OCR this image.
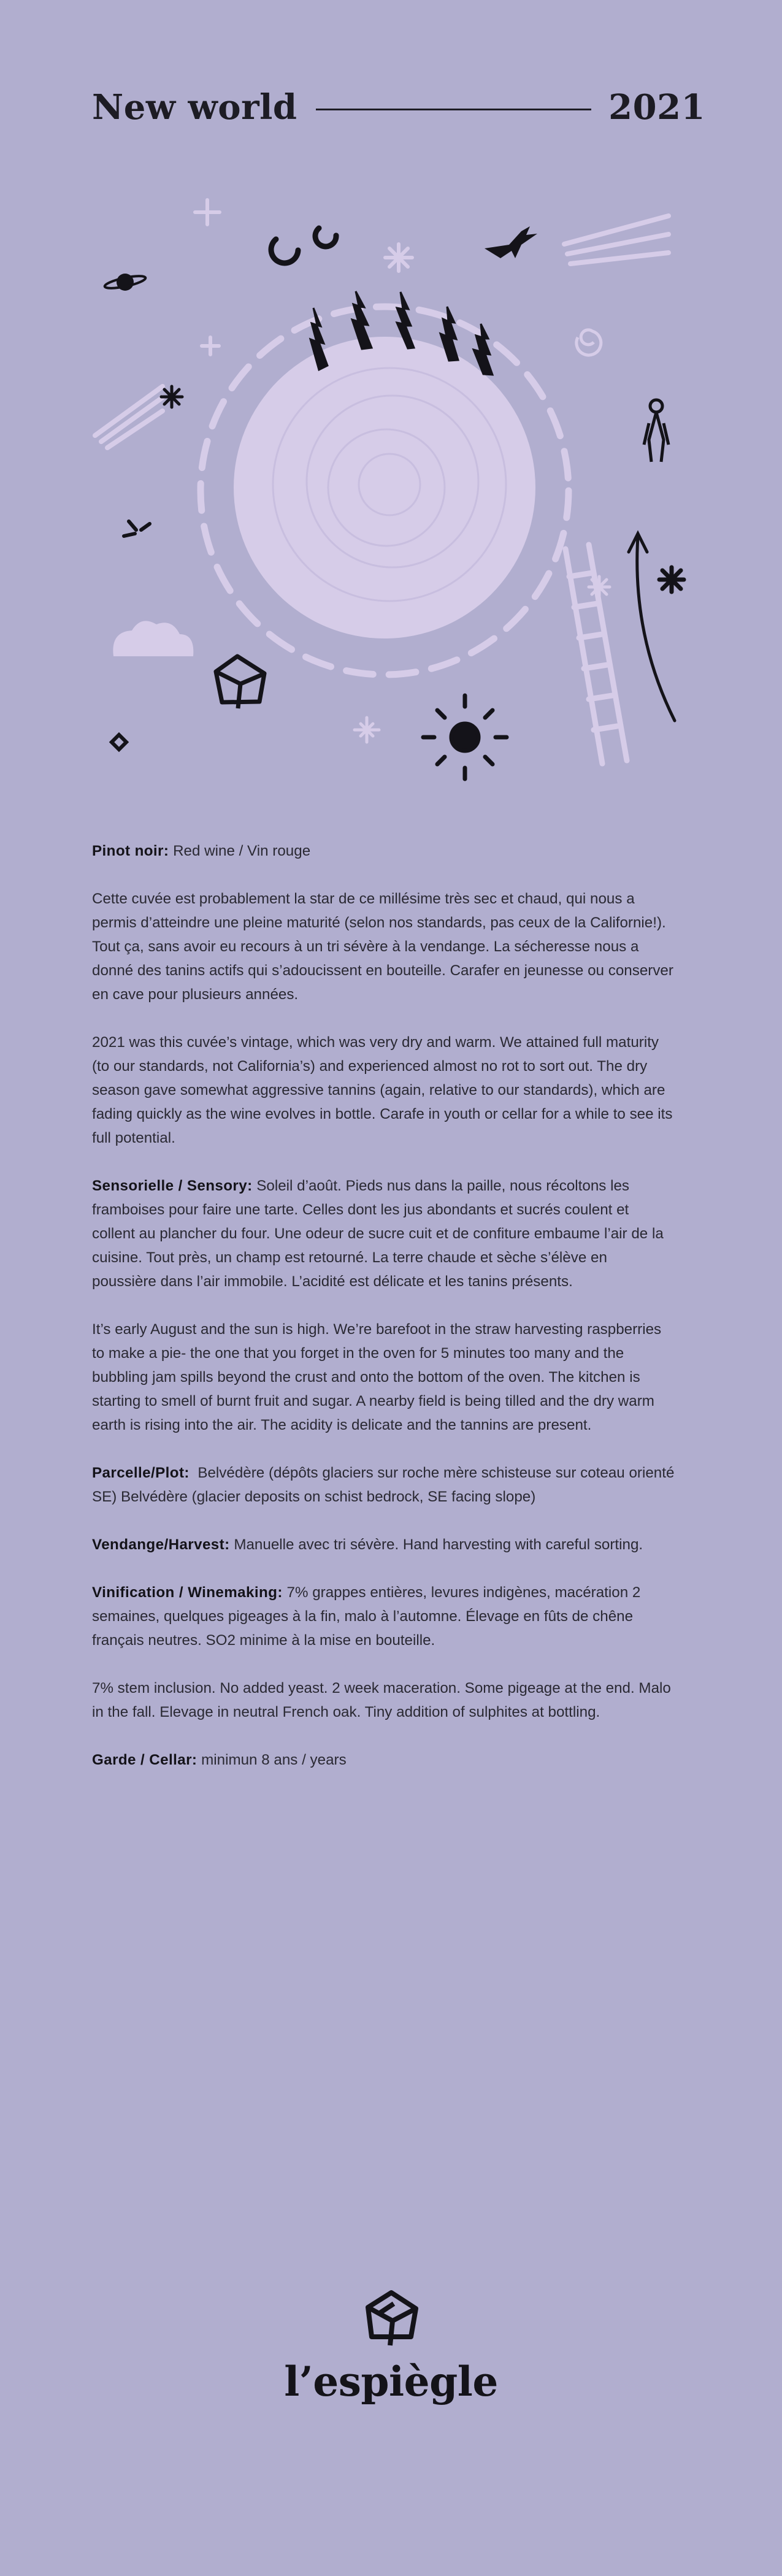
New world	2021

Pinot noir: Red wine / Vin rouge

Cette cuvée est probablement la star de ce millésime très sec et chaud, qui nous a permis d’atteindre une pleine maturité (selon nos standards, pas ceux de la Californie!). Tout ça, sans avoir eu recours à un tri sévère à la vendange. La sécheresse nous a donné des tanins actifs qui s’adoucissent en bouteille. Carafer en jeunesse ou conserver en cave pour plusieurs années.

2021 was this cuvée’s vintage, which was very dry and warm. We attained full maturity (to our standards, not California’s) and experienced almost no rot to sort out. The dry season gave somewhat aggressive tannins (again, relative to our standards), which are fading quickly as the wine evolves in bottle. Carafe in youth or cellar for a while to see its full potential.

Sensorielle / Sensory: Soleil d’août. Pieds nus dans la paille, nous récoltons les framboises pour faire une tarte. Celles dont les jus abondants et sucrés coulent et collent au plancher du four. Une odeur de sucre cuit et de confiture embaume l’air de la cuisine. Tout près, un champ est retourné. La terre chaude et sèche s’élève en poussière dans l’air immobile. L’acidité est délicate et les tanins présents.

It’s early August and the sun is high. We’re barefoot in the straw harvesting raspberries to make a pie- the one that you forget in the oven for 5 minutes too many and the bubbling jam spills beyond the crust and onto the bottom of the oven. The kitchen is starting to smell of burnt fruit and sugar. A nearby field is being tilled and the dry warm earth is rising into the air. The acidity is delicate and the tannins are present.

Parcelle/Plot: Belvédère (dépôts glaciers sur roche mère schisteuse sur coteau orienté SE) Belvédère (glacier deposits on schist bedrock, SE facing slope)

Vendange/Harvest: Manuelle avec tri sévère. Hand harvesting with careful sorting.

Vinification / Winemaking: 7% grappes entières, levures indigènes, macération 2 semaines, quelques pigeages à la fin, malo à l’automne. Élevage en fûts de chêne français neutres. SO2 minime à la mise en bouteille.

7% stem inclusion. No added yeast. 2 week maceration. Some pigeage at the end. Malo in the fall. Elevage in neutral French oak. Tiny addition of sulphites at bottling.

Garde / Cellar: minimun 8 ans / years

l’espiègle
